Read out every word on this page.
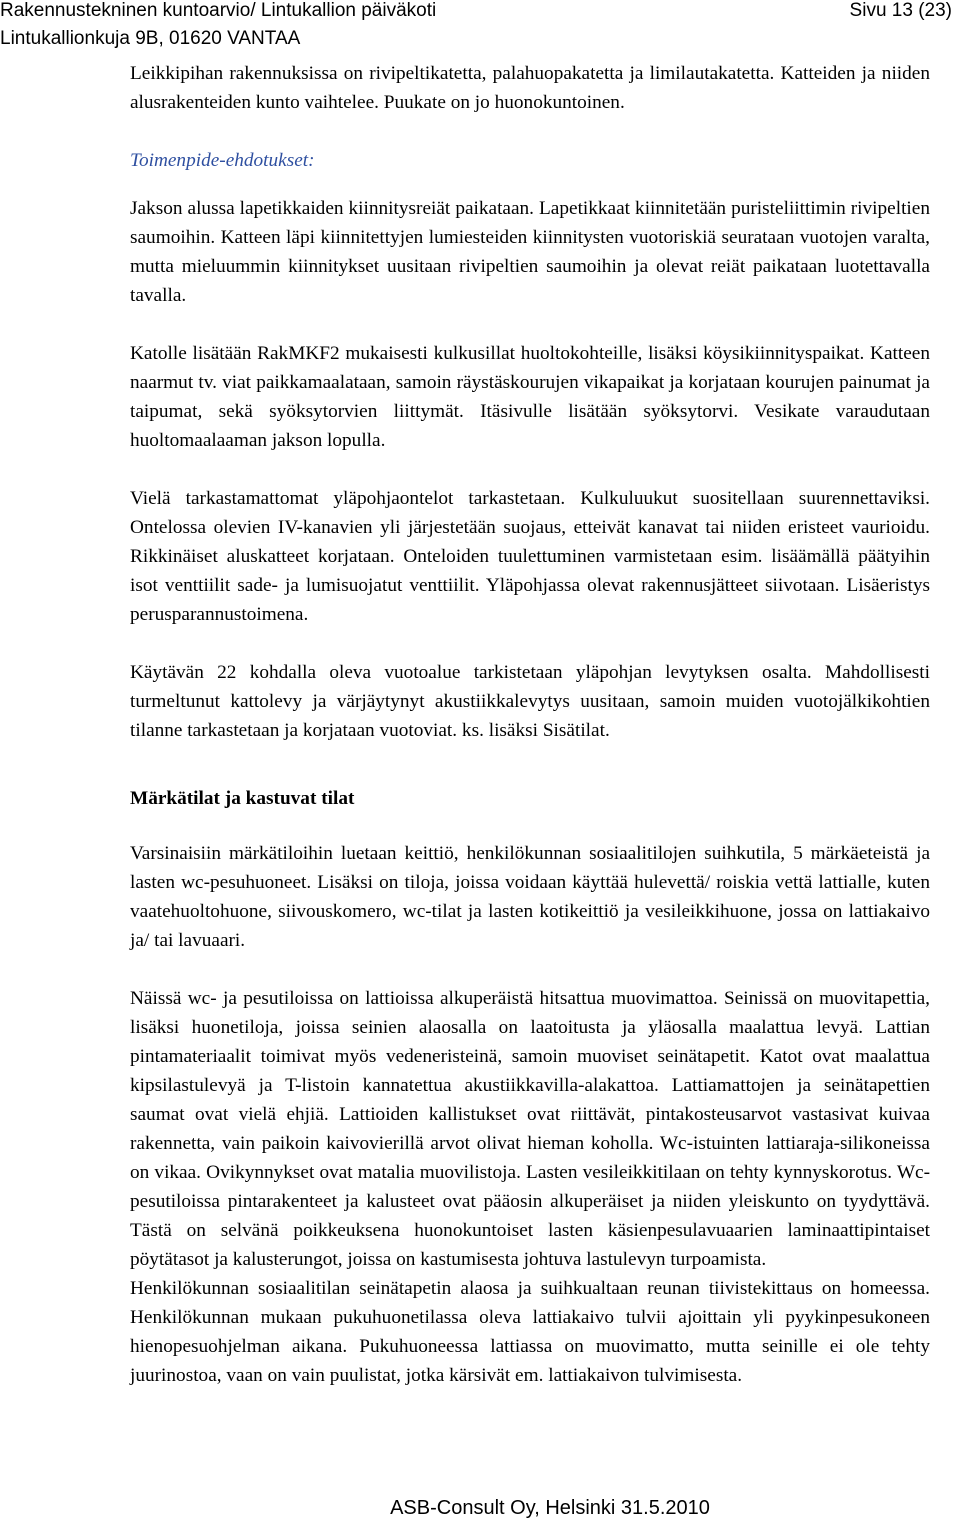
Rakennustekninen kuntoarvio/ Lintukallion päiväkoti
Lintukallionkuja 9B, 01620 VANTAA
Sivu 13 (23)

Leikkipihan rakennuksissa on rivipeltikatetta, palahuopakatetta ja limilautakatetta. Katteiden ja niiden alusrakenteiden kunto vaihtelee. Puukate on jo huonokuntoinen.

Toimenpide-ehdotukset:

Jakson alussa lapetikkaiden kiinnitysreiät paikataan. Lapetikkaat kiinnitetään puristeliittimin rivipeltien saumoihin. Katteen läpi kiinnitettyjen lumiesteiden kiinnitysten vuotoriskiä seurataan vuotojen varalta, mutta mieluummin kiinnitykset uusitaan rivipeltien saumoihin ja olevat reiät paikataan luotettavalla tavalla.

Katolle lisätään RakMKF2 mukaisesti kulkusillat huoltokohteille, lisäksi köysikiinnityspaikat. Katteen naarmut tv. viat paikkamaalataan, samoin räystäskourujen vikapaikat ja korjataan kourujen painumat ja taipumat, sekä syöksytorvien liittymät. Itäsivulle lisätään syöksytorvi. Vesikate varaudutaan huoltomaalaaman jakson lopulla.

Vielä tarkastamattomat yläpohjaontelot tarkastetaan. Kulkuluukut suositellaan suurennettaviksi. Ontelossa olevien IV-kanavien yli järjestetään suojaus, etteivät kanavat tai niiden eristeet vaurioidu. Rikkinäiset aluskatteet korjataan. Onteloiden tuulettuminen varmistetaan esim. lisäämällä päätyihin isot venttiilit sade- ja lumisuojatut venttiilit. Yläpohjassa olevat rakennusjätteet siivotaan. Lisäeristys perusparannustoimena.

Käytävän 22 kohdalla oleva vuotoalue tarkistetaan yläpohjan levytyksen osalta. Mahdollisesti turmeltunut kattolevy ja värjäytynyt akustiikkalevytys uusitaan, samoin muiden vuotojälkikohtien tilanne tarkastetaan ja korjataan vuotoviat. ks. lisäksi Sisätilat.

Märkätilat ja kastuvat tilat

Varsinaisiin märkätiloihin luetaan keittiö, henkilökunnan sosiaalitilojen suihkutila, 5 märkäeteistä ja lasten wc-pesuhuoneet. Lisäksi on tiloja, joissa voidaan käyttää hulevettä/ roiskia vettä lattialle, kuten vaatehuoltohuone, siivouskomero, wc-tilat ja lasten kotikeittiö ja vesileikkihuone, jossa on lattiakaivo ja/ tai lavuaari.

Näissä wc- ja pesutiloissa on lattioissa alkuperäistä hitsattua muovimattoa. Seinissä on muovitapettia, lisäksi huonetiloja, joissa seinien alaosalla on laatoitusta ja yläosalla maalattua levyä. Lattian pintamateriaalit toimivat myös vedeneristeinä, samoin muoviset seinätapetit. Katot ovat maalattua kipsilastulevyä ja T-listoin kannatettua akustiikkavilla-alakattoa. Lattiamattojen ja seinätapettien saumat ovat vielä ehjiä. Lattioiden kallistukset ovat riittävät, pintakosteusarvot vastasivat kuivaa rakennetta, vain paikoin kaivovierillä arvot olivat hieman koholla. Wc-istuinten lattiaraja-silikoneissa on vikaa. Ovikynnykset ovat matalia muovilistoja. Lasten vesileikkitilaan on tehty kynnyskorotus. Wc-pesutiloissa pintarakenteet ja kalusteet ovat pääosin alkuperäiset ja niiden yleiskunto on tyydyttävä. Tästä on selvänä poikkeuksena huonokuntoiset lasten käsienpesulavuaarien laminaattipintaiset pöytätasot ja kalusterungot, joissa on kastumisesta johtuva lastulevyn turpoamista.

Henkilökunnan sosiaalitilan seinätapetin alaosa ja suihkualtaan reunan tiivistekittaus on homeessa. Henkilökunnan mukaan pukuhuonetilassa oleva lattiakaivo tulvii ajoittain yli pyykinpesukoneen hienopesuohjelman aikana. Pukuhuoneessa lattiassa on muovimatto, mutta seinille ei ole tehty juurinostoa, vaan on vain puulistat, jotka kärsivät em. lattiakaivon tulvimisesta.

ASB-Consult Oy, Helsinki 31.5.2010
